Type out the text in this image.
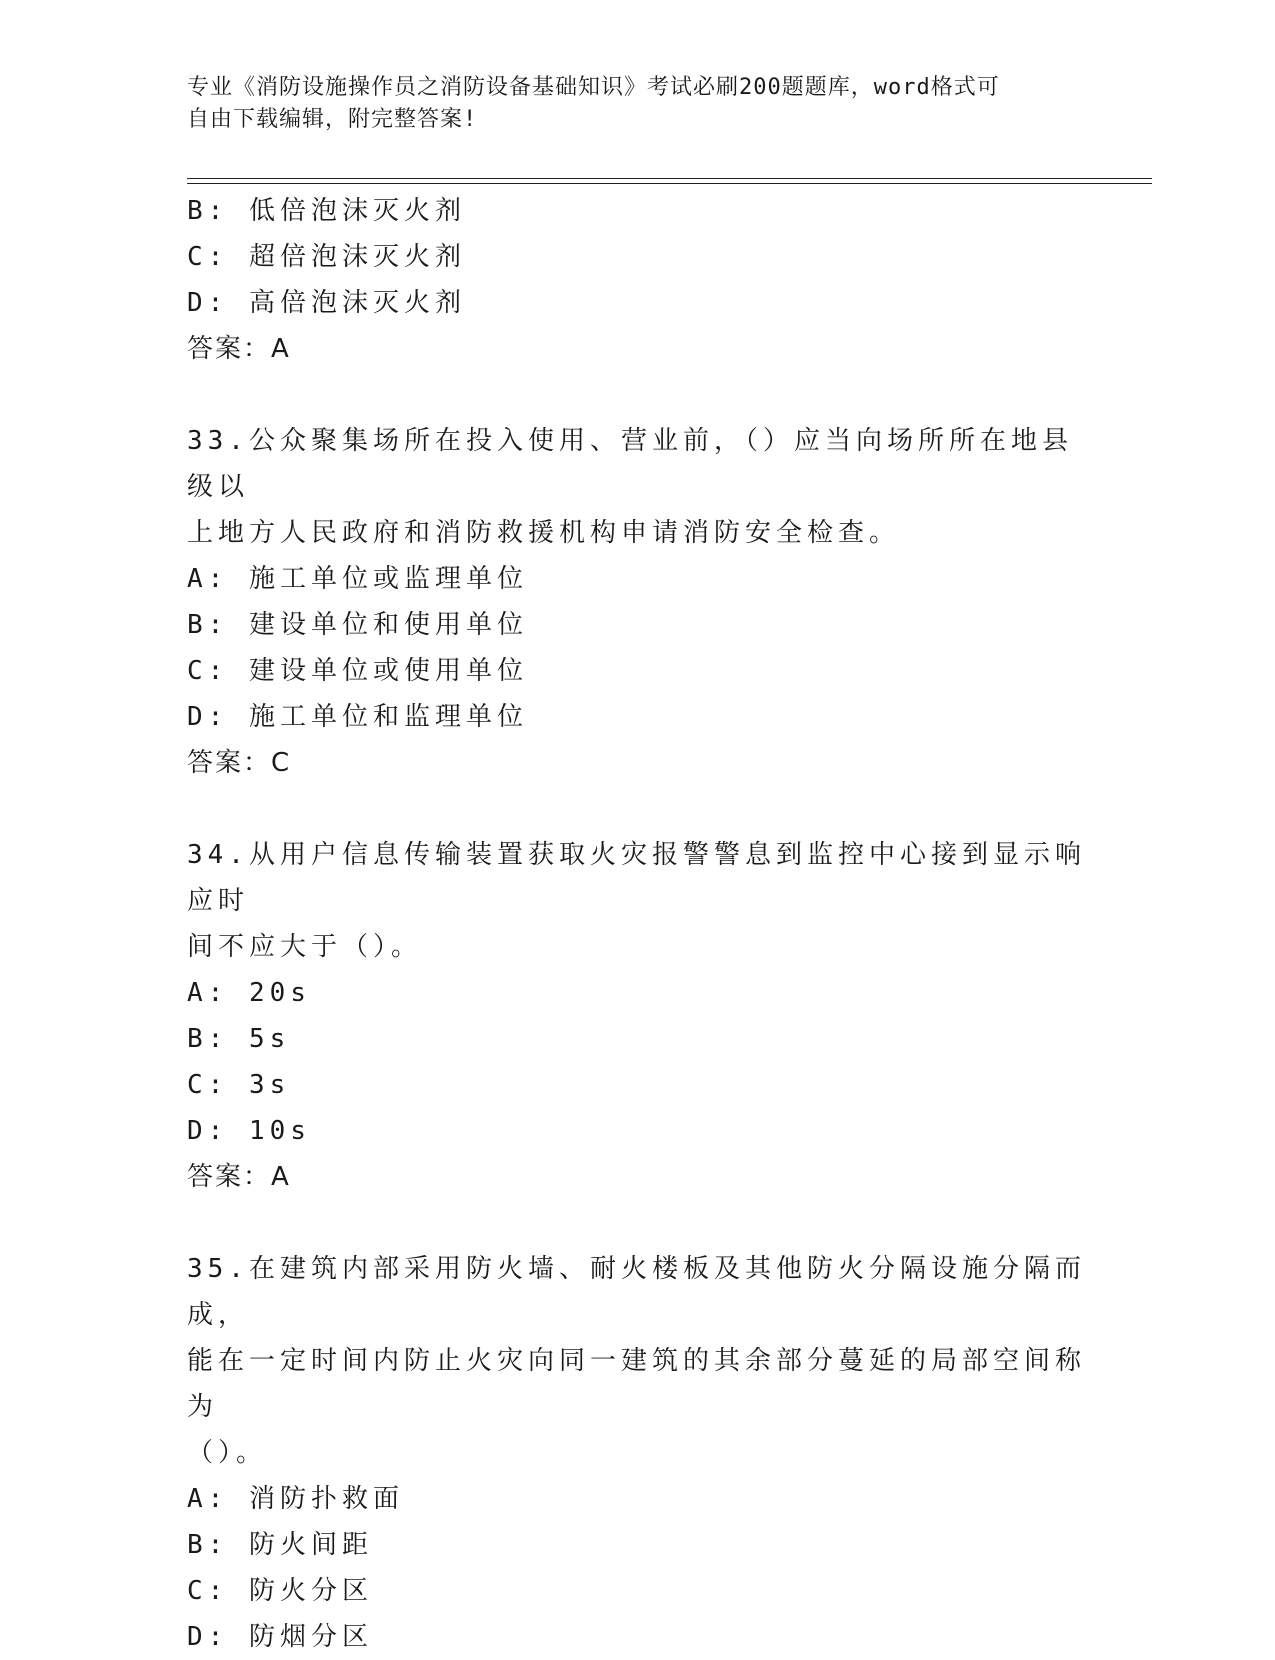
专业《消防设施操作员之消防设备基础知识》考试必刷200题题库，word格式可
自由下载编辑，附完整答案!
B: 低倍泡沫灭火剂
C: 超倍泡沫灭火剂
D: 高倍泡沫灭火剂
答案：A
33.公众聚集场所在投入使用、营业前，（）应当向场所所在地县级以
上地方人民政府和消防救援机构申请消防安全检查。
A: 施工单位或监理单位
B: 建设单位和使用单位
C: 建设单位或使用单位
D: 施工单位和监理单位
答案：C
34.从用户信息传输装置获取火灾报警警息到监控中心接到显示响应时
间不应大于（）。
A: 20s
B: 5s
C: 3s
D: 10s
答案：A
35.在建筑内部采用防火墙、耐火楼板及其他防火分隔设施分隔而成，
能在一定时间内防止火灾向同一建筑的其余部分蔓延的局部空间称为
（）。
A: 消防扑救面
B: 防火间距
C: 防火分区
D: 防烟分区
